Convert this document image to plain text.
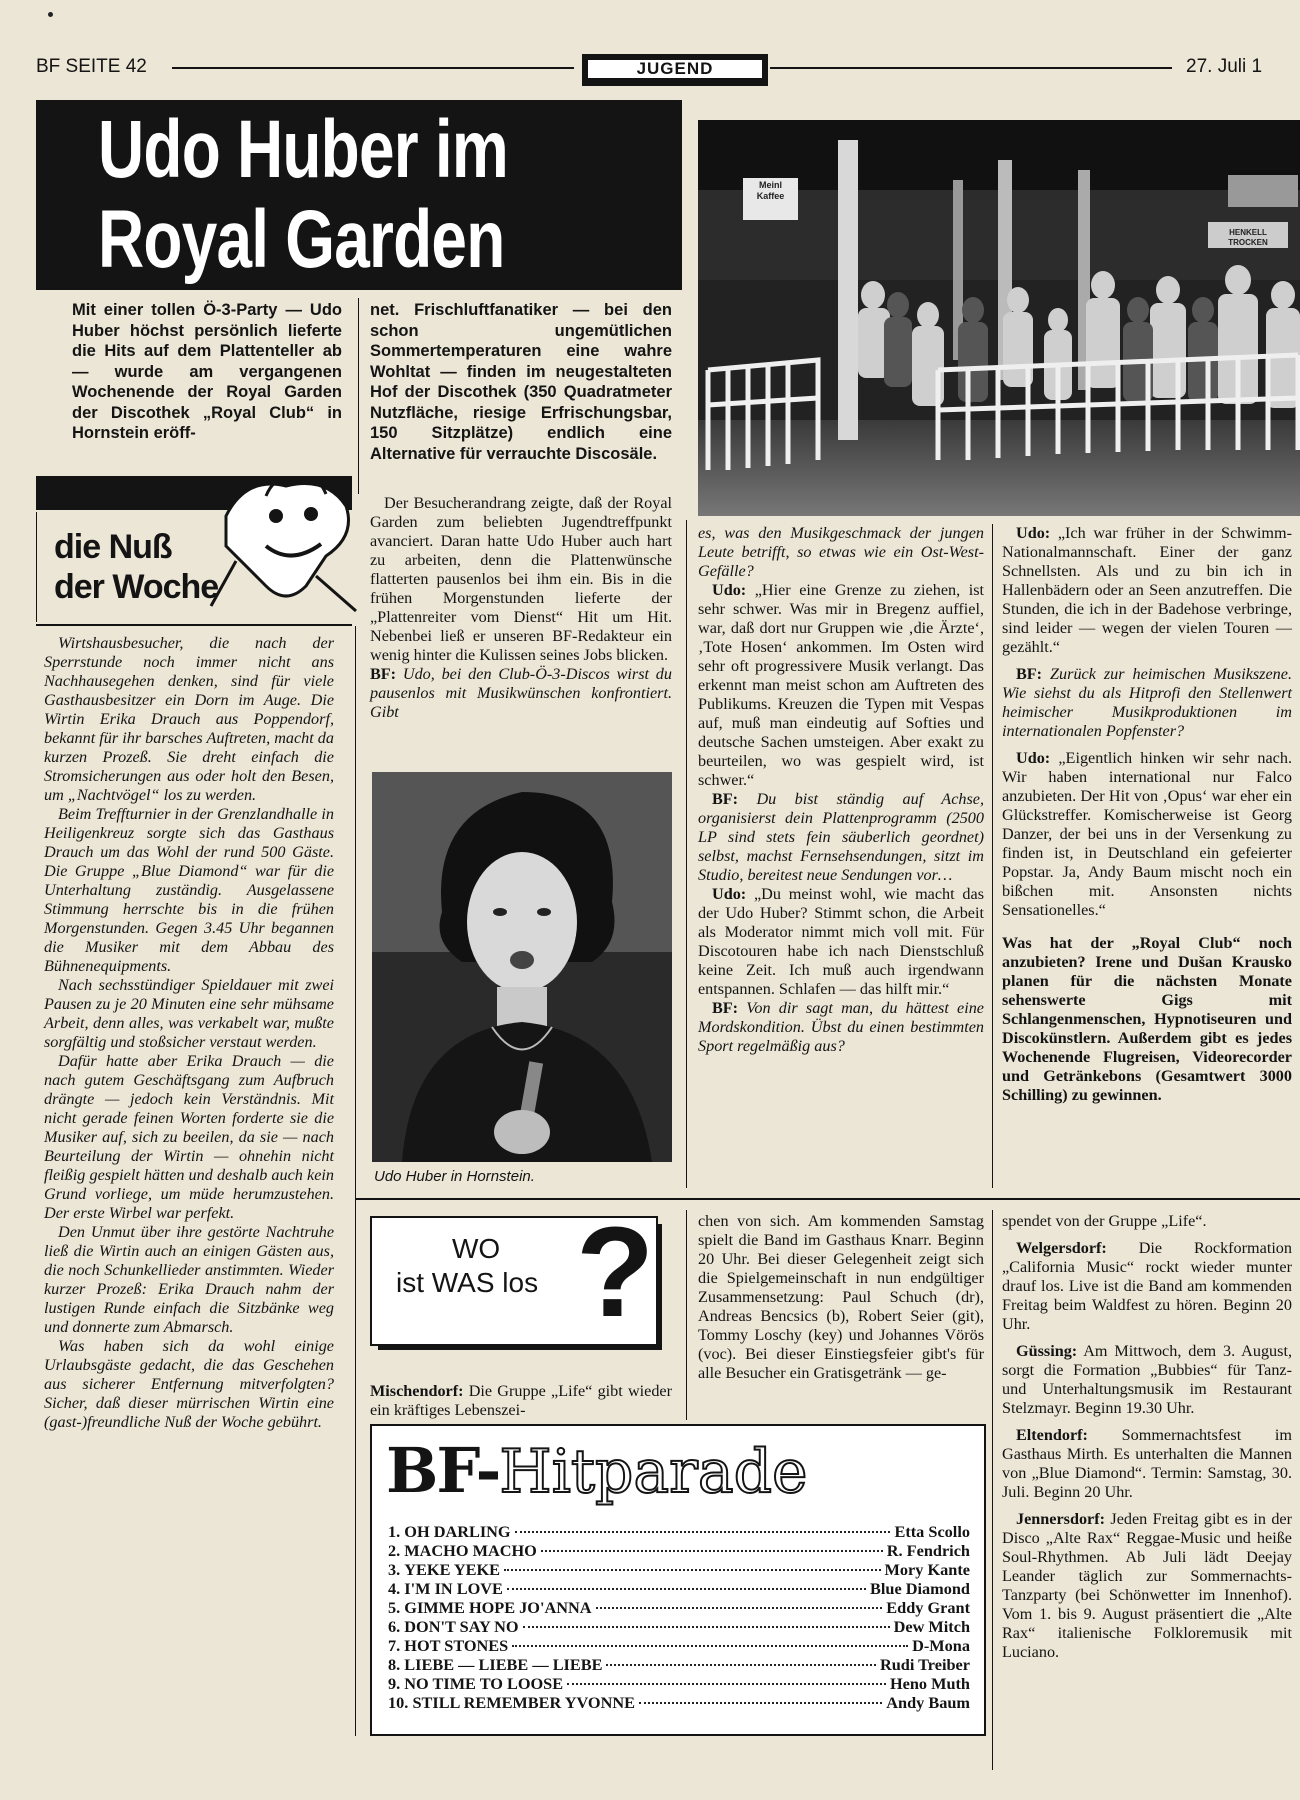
BF SEITE 42	JUGEND	27. Juli 1
Udo Huber im
Royal Garden
Meinl Kaffee
HENKELL TROCKEN
Mit einer tollen Ö-3-Party — Udo Huber höchst persönlich lieferte die Hits auf dem Plattenteller ab — wurde am vergangenen Wochenende der Royal Garden der Discothek „Royal Club“ in Hornstein eröff-
net. Frischluftfanatiker — bei den schon ungemütlichen Sommertemperaturen eine wahre Wohltat — finden im neugestalteten Hof der Discothek (350 Quadratmeter Nutzfläche, riesige Erfrischungsbar, 150 Sitzplätze) endlich eine Alternative für verrauchte Discosäle.
die Nuß
der Woche

Wirtshausbesucher, die nach der Sperrstunde noch immer nicht ans Nachhausegehen denken, sind für viele Gasthausbesitzer ein Dorn im Auge. Die Wirtin Erika Drauch aus Poppendorf, bekannt für ihr barsches Auftreten, macht da kurzen Prozeß. Sie dreht einfach die Stromsicherungen aus oder holt den Besen, um „Nachtvögel“ los zu werden.

Beim Treffturnier in der Grenzlandhalle in Heiligenkreuz sorgte sich das Gasthaus Drauch um das Wohl der rund 500 Gäste. Die Gruppe „Blue Diamond“ war für die Unterhaltung zuständig. Ausgelassene Stimmung herrschte bis in die frühen Morgenstunden. Gegen 3.45 Uhr begannen die Musiker mit dem Abbau des Bühnenequipments.

Nach sechsstündiger Spieldauer mit zwei Pausen zu je 20 Minuten eine sehr mühsame Arbeit, denn alles, was verkabelt war, mußte sorgfältig und stoßsicher verstaut werden.

Dafür hatte aber Erika Drauch — die nach gutem Geschäftsgang zum Aufbruch drängte — jedoch kein Verständnis. Mit nicht gerade feinen Worten forderte sie die Musiker auf, sich zu beeilen, da sie — nach Beurteilung der Wirtin — ohnehin nicht fleißig gespielt hätten und deshalb auch kein Grund vorliege, um müde herumzustehen. Der erste Wirbel war perfekt.

Den Unmut über ihre gestörte Nachtruhe ließ die Wirtin auch an einigen Gästen aus, die noch Schunkellieder anstimmten. Wieder kurzer Prozeß: Erika Drauch nahm der lustigen Runde einfach die Sitzbänke weg und donnerte zum Abmarsch.

Was haben sich da wohl einige Urlaubsgäste gedacht, die das Geschehen aus sicherer Entfernung mitverfolgten? Sicher, daß dieser mürrischen Wirtin eine (gast-)freundliche Nuß der Woche gebührt.

Der Besucherandrang zeigte, daß der Royal Garden zum beliebten Jugendtreffpunkt avanciert. Daran hatte Udo Huber auch hart zu arbeiten, denn die Plattenwünsche flatterten pausenlos bei ihm ein. Bis in die frühen Morgenstunden lieferte der „Plattenreiter vom Dienst“ Hit um Hit. Nebenbei ließ er unseren BF-Redakteur ein wenig hinter die Kulissen seines Jobs blicken.

BF: Udo, bei den Club-Ö-3-Discos wirst du pausenlos mit Musikwünschen konfrontiert. Gibt

Udo Huber in Hornstein.

es, was den Musikgeschmack der jungen Leute betrifft, so etwas wie ein Ost-West-Gefälle?

Udo: „Hier eine Grenze zu ziehen, ist sehr schwer. Was mir in Bregenz auffiel, war, daß dort nur Gruppen wie ‚die Ärzte‘, ‚Tote Hosen‘ ankommen. Im Osten wird sehr oft progressivere Musik verlangt. Das erkennt man meist schon am Auftreten des Publikums. Kreuzen die Typen mit Vespas auf, muß man eindeutig auf Softies und deutsche Sachen umsteigen. Aber exakt zu beurteilen, wo was gespielt wird, ist schwer.“

BF: Du bist ständig auf Achse, organisierst dein Plattenprogramm (2500 LP sind stets fein säuberlich geordnet) selbst, machst Fernsehsendungen, sitzt im Studio, bereitest neue Sendungen vor…

Udo: „Du meinst wohl, wie macht das der Udo Huber? Stimmt schon, die Arbeit als Moderator nimmt mich voll mit. Für Discotouren habe ich nach Dienstschluß keine Zeit. Ich muß auch irgendwann entspannen. Schlafen — das hilft mir.“

BF: Von dir sagt man, du hättest eine Mordskondition. Übst du einen bestimmten Sport regelmäßig aus?

Udo: „Ich war früher in der Schwimm-Nationalmannschaft. Einer der ganz Schnellsten. Als und zu bin ich in Hallenbädern oder an Seen anzutreffen. Die Stunden, die ich in der Badehose verbringe, sind leider — wegen der vielen Touren — gezählt.“

BF: Zurück zur heimischen Musikszene. Wie siehst du als Hitprofi den Stellenwert heimischer Musikproduktionen im internationalen Popfenster?

Udo: „Eigentlich hinken wir sehr nach. Wir haben international nur Falco anzubieten. Der Hit von ‚Opus‘ war eher ein Glückstreffer. Komischerweise ist Georg Danzer, der bei uns in der Versenkung zu finden ist, in Deutschland ein gefeierter Popstar. Ja, Andy Baum mischt noch ein bißchen mit. Ansonsten nichts Sensationelles.“

Was hat der „Royal Club“ noch anzubieten? Irene und Dušan Krausko planen für die nächsten Monate sehenswerte Gigs mit Schlangenmenschen, Hypnotiseuren und Discokünstlern. Außerdem gibt es jedes Wochenende Flugreisen, Videorecorder und Getränkebons (Gesamtwert 3000 Schilling) zu gewinnen.

WO
ist WAS los ?

Mischendorf: Die Gruppe „Life“ gibt wieder ein kräftiges Lebenszei-

chen von sich. Am kommenden Samstag spielt die Band im Gasthaus Knarr. Beginn 20 Uhr. Bei dieser Gelegenheit zeigt sich die Spielgemeinschaft in nun endgültiger Zusammensetzung: Paul Schuch (dr), Andreas Bencsics (b), Robert Seier (git), Tommy Loschy (key) und Johannes Vörös (voc). Bei dieser Einstiegsfeier gibt's für alle Besucher ein Gratisgetränk — ge-

spendet von der Gruppe „Life“.

Welgersdorf: Die Rockformation „California Music“ rockt wieder munter drauf los. Live ist die Band am kommenden Freitag beim Waldfest zu hören. Beginn 20 Uhr.

Güssing: Am Mittwoch, dem 3. August, sorgt die Formation „Bubbies“ für Tanz- und Unterhaltungsmusik im Restaurant Stelzmayr. Beginn 19.30 Uhr.

Eltendorf: Sommernachtsfest im Gasthaus Mirth. Es unterhalten die Mannen von „Blue Diamond“. Termin: Samstag, 30. Juli. Beginn 20 Uhr.

Jennersdorf: Jeden Freitag gibt es in der Disco „Alte Rax“ Reggae-Music und heiße Soul-Rhythmen. Ab Juli lädt Deejay Leander täglich zur Sommernachts-Tanzparty (bei Schönwetter im Innenhof). Vom 1. bis 9. August präsentiert die „Alte Rax“ italienische Folkloremusik mit Luciano.

BF-Hitparade
1.
OH DARLING	Etta Scollo
2.
MACHO MACHO	R. Fendrich
3.
YEKE YEKE	Mory Kante
4.
I'M IN LOVE	Blue Diamond
5.
GIMME HOPE JO'ANNA	Eddy Grant
6.
DON'T SAY NO	Dew Mitch
7.
HOT STONES	D-Mona
8.
LIEBE — LIEBE — LIEBE	Rudi Treiber
9.
NO TIME TO LOOSE	Heno Muth
10.
STILL REMEMBER YVONNE	Andy Baum
